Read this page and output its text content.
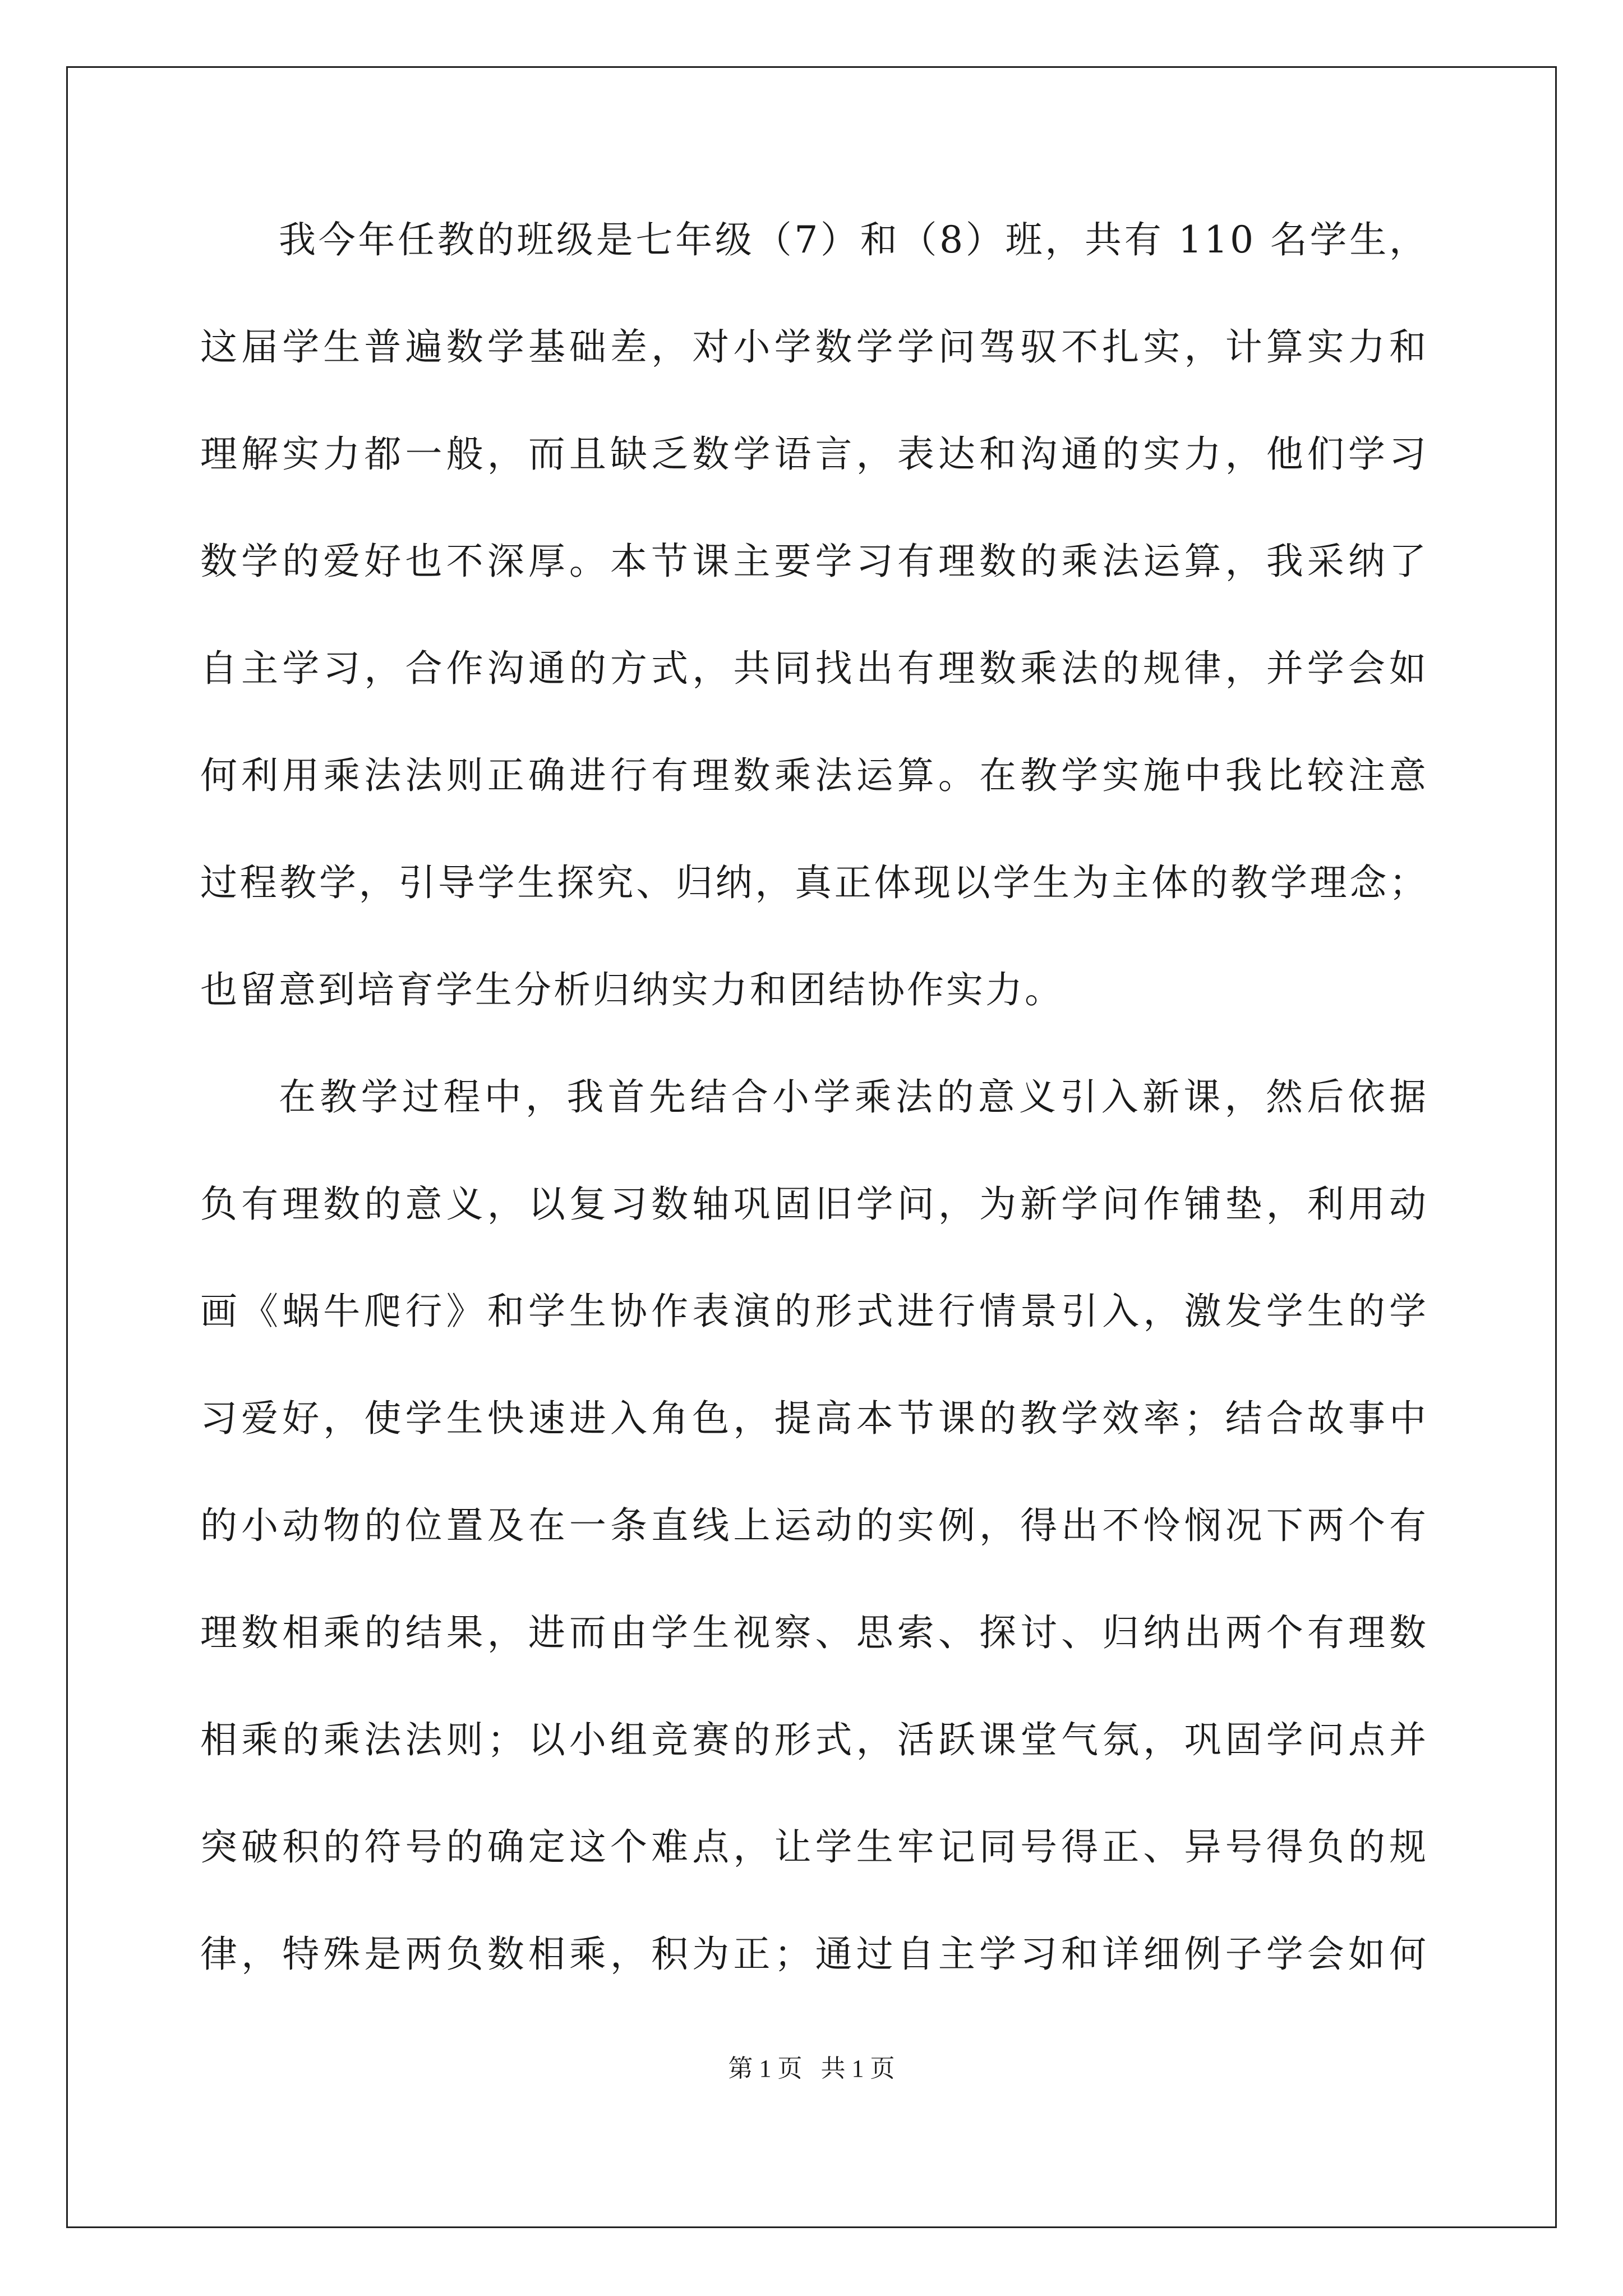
我今年任教的班级是七年级（7）和（8）班，共有 110 名学生，
这届学生普遍数学基础差，对小学数学学问驾驭不扎实，计算实力和
理解实力都一般，而且缺乏数学语言，表达和沟通的实力，他们学习
数学的爱好也不深厚。本节课主要学习有理数的乘法运算，我采纳了
自主学习，合作沟通的方式，共同找出有理数乘法的规律，并学会如
何利用乘法法则正确进行有理数乘法运算。在教学实施中我比较注意
过程教学，引导学生探究、归纳，真正体现以学生为主体的教学理念；
也留意到培育学生分析归纳实力和团结协作实力。
在教学过程中，我首先结合小学乘法的意义引入新课，然后依据
负有理数的意义，以复习数轴巩固旧学问，为新学问作铺垫，利用动
画《蜗牛爬行》和学生协作表演的形式进行情景引入，激发学生的学
习爱好，使学生快速进入角色，提高本节课的教学效率；结合故事中
的小动物的位置及在一条直线上运动的实例，得出不怜悯况下两个有
理数相乘的结果，进而由学生视察、思索、探讨、归纳出两个有理数
相乘的乘法法则；以小组竞赛的形式，活跃课堂气氛，巩固学问点并
突破积的符号的确定这个难点，让学生牢记同号得正、异号得负的规
律，特殊是两负数相乘，积为正；通过自主学习和详细例子学会如何
第 1 页   共 1 页
